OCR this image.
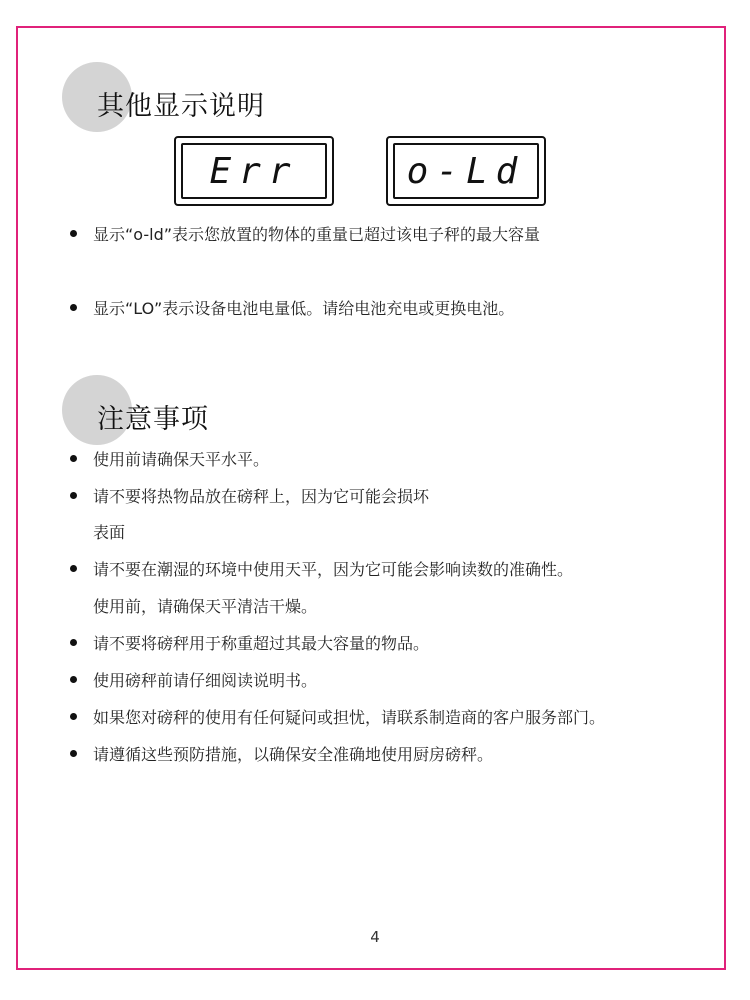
其他显示说明
Err	o-Ld
显示“o-ld”表示您放置的物体的重量已超过该电子秤的最大容量
显示“LO”表示设备电池电量低。请给电池充电或更换电池。
注意事项
使用前请确保天平水平。
请不要将热物品放在磅秤上，因为它可能会损坏
表面
请不要在潮湿的环境中使用天平，因为它可能会影响读数的准确性。
使用前，请确保天平清洁干燥。
请不要将磅秤用于称重超过其最大容量的物品。
使用磅秤前请仔细阅读说明书。
如果您对磅秤的使用有任何疑问或担忧，请联系制造商的客户服务部门。
请遵循这些预防措施，以确保安全准确地使用厨房磅秤。
4
